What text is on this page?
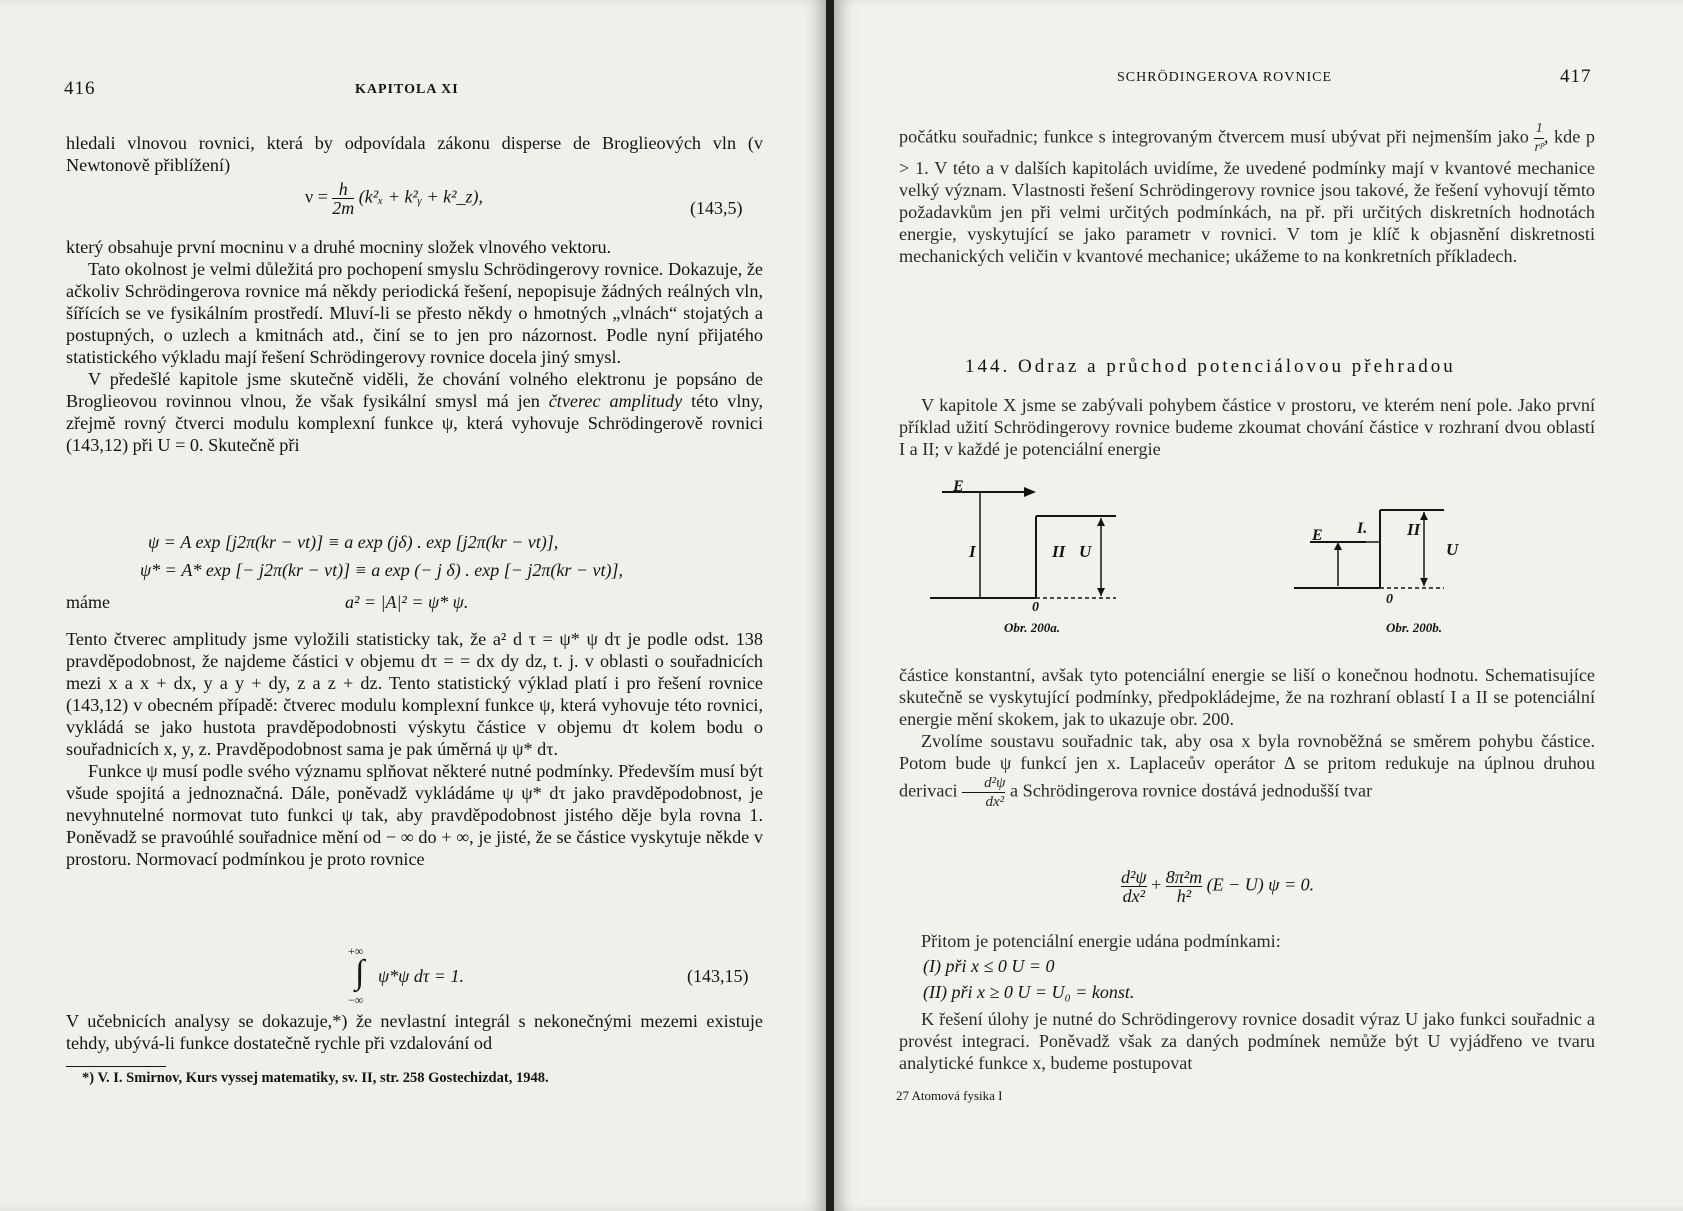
416	KAPITOLA XI

hledali vlnovou rovnici, která by odpovídala zákonu disperse de Broglieových vln (v Newtonově přiblížení)

$\nu = \frac{h}{2m} (k^2_x$ + k²ᵧ + k²_z),
(143,5)

který obsahuje první mocninu ν a druhé mocniny složek vlnového vektoru.

Tato okolnost je velmi důležitá pro pochopení smyslu Schrödingerovy rovnice. Dokazuje, že ačkoliv Schrödingerova rovnice má někdy periodická řešení, nepopisuje žádných reálných vln, šířících se ve fysikálním prostředí. Mluví-li se přesto někdy o hmotných „vlnách“ stojatých a postupných, o uzlech a kmitnách atd., činí se to jen pro názornost. Podle nyní přijatého statistického výkladu mají řešení Schrödingerovy rovnice docela jiný smysl.

V předešlé kapitole jsme skutečně viděli, že chování volného elektronu je popsáno de Broglieovou rovinnou vlnou, že však fysikální smysl má jen čtverec amplitudy této vlny, zřejmě rovný čtverci modulu komplexní funkce ψ, která vyhovuje Schrödingerově rovnici (143,12) při U = 0. Skutečně při

ψ = A exp [j2π(kr − νt)] ≡ a exp (jδ) . exp [j2π(kr − νt)],
ψ* = A* exp [− j2π(kr − νt)] ≡ a exp (− j δ) . exp [− j2π(kr − νt)],
máme	a² = |A|² = ψ* ψ.

Tento čtverec amplitudy jsme vyložili statisticky tak, že a² d τ = ψ* ψ dτ je podle odst. 138 pravděpodobnost, že najdeme částici v objemu dτ = = dx dy dz, t. j. v oblasti o souřadnicích mezi x a x + dx, y a y + dy, z a z + dz. Tento statistický výklad platí i pro řešení rovnice (143,12) v obecném případě: čtverec modulu komplexní funkce ψ, která vyhovuje této rovnici, vykládá se jako hustota pravděpodobnosti výskytu částice v objemu dτ kolem bodu o souřadnicích x, y, z. Pravděpodobnost sama je pak úměrná ψ ψ* dτ.

Funkce ψ musí podle svého významu splňovat některé nutné podmínky. Především musí být všude spojitá a jednoznačná. Dále, poněvadž vykládáme ψ ψ* dτ jako pravděpodobnost, je nevyhnutelné normovat tuto funkci ψ tak, aby pravděpodobnost jistého děje byla rovna 1. Poněvadž se pravoúhlé souřadnice mění od − ∞ do + ∞, je jisté, že se částice vyskytuje někde v prostoru. Normovací podmínkou je proto rovnice

+∞
−∞
∫ ψ*ψ dτ = 1.	(143,15)

V učebnicích analysy se dokazuje,*) že nevlastní integrál s nekonečnými mezemi existuje tehdy, ubývá-li funkce dostatečně rychle při vzdalování od

*) V. I. Smirnov, Kurs vyssej matematiky, sv. II, str. 258 Gostechizdat, 1948.
SCHRÖDINGEROVA ROVNICE	417

počátku souřadnic; funkce s integrovaným čtvercem musí ubývat při nejmenším jako $\frac{1}{\text{rᵖ}}$ , kde p > 1. V této a v dalších kapitolách uvidíme, že uvedené podmínky mají v kvantové mechanice velký význam. Vlastnosti řešení Schrödingerovy rovnice jsou takové, že řešení vyhovují těmto požadavkům jen při velmi určitých podmínkách, na př. při určitých diskretních hodnotách energie, vyskytující se jako parametr v rovnici. V tom je klíč k objasnění diskretnosti mechanických veličin v kvantové mechanice; ukážeme to na konkretních příkladech.

144. Odraz a průchod potenciálovou přehradou

V kapitole X jsme se zabývali pohybem částice v prostoru, ve kterém není pole. Jako první příklad užití Schrödingerovy rovnice budeme zkoumat chování částice v rozhraní dvou oblastí I a II; v každé je potenciální energie

E
I	II U
0
Obr. 200a.
E I. II
U
0
Obr. 200b.

částice konstantní, avšak tyto potenciální energie se liší o konečnou hodnotu. Schematisujíce skutečně se vyskytující podmínky, předpokládejme, že na rozhraní oblastí I a II se potenciální energie mění skokem, jak to ukazuje obr. 200.

Zvolíme soustavu souřadnic tak, aby osa x byla rovnoběžná se směrem pohybu částice. Potom bude ψ funkcí jen x. Laplaceův operátor Δ se pritom redukuje na úplnou druhou derivaci $\frac{\text{d²ψ}}{\text{dx²}}$ a Schrödingerova rovnice dostává jednodušší tvar

$\frac{\text{d²ψ}}{\text{dx²}} + \frac{\text{8π²m}}{\text{h²}} (E - U) \psi = 0$.

Přitom je potenciální energie udána podmínkami:

(I) při x ≤ 0 U = 0
(II) při x ≥ 0 U = U₀ = konst.

K řešení úlohy je nutné do Schrödingerovy rovnice dosadit výraz U jako funkci souřadnic a provést integraci. Poněvadž však za daných podmínek nemůže být U vyjádřeno ve tvaru analytické funkce x, budeme postupovat

27 Atomová fysika I
